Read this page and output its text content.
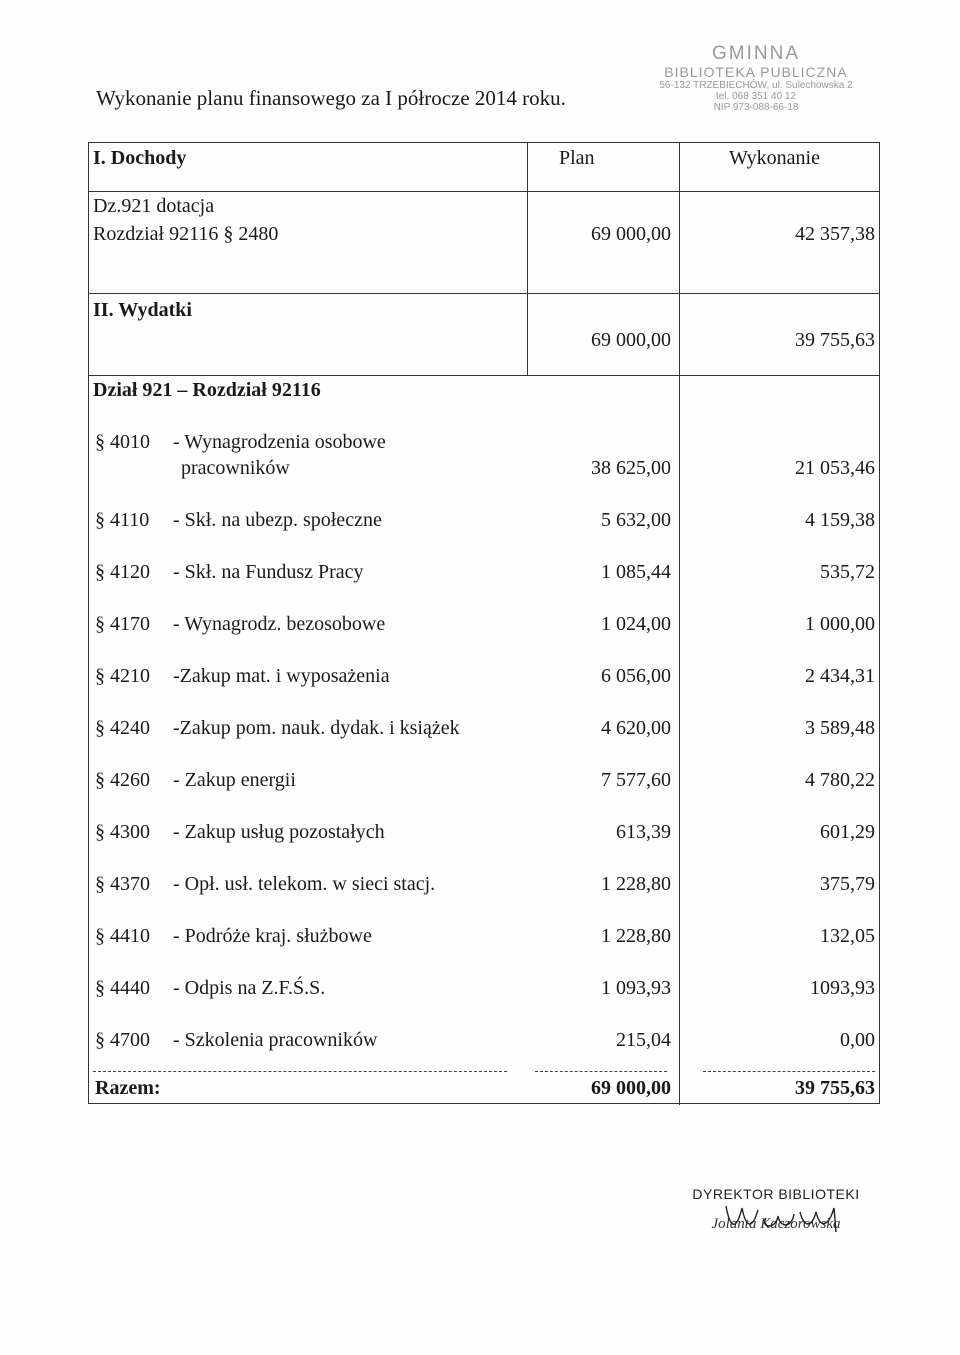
Wykonanie planu finansowego za I półrocze 2014 roku.
GMINNA
BIBLIOTEKA PUBLICZNA
56-132 TRZEBIECHÓW, ul. Sulechowska 2
tel. 068 351 40 12
NIP 973-088-66-18
I. Dochody	Plan	Wykonanie
Dz.921 dotacja
Rozdział 92116 § 2480	69 000,00	42 357,38
II. Wydatki
69 000,00	39 755,63
Dział 921 – Rozdział 92116
§ 4010 - Wynagrodzenia osobowe
pracowników	38 625,00	21 053,46
§ 4110 - Skł. na ubezp. społeczne	5 632,00	4 159,38
§ 4120 - Skł. na Fundusz Pracy	1 085,44	535,72
§ 4170 - Wynagrodz. bezosobowe	1 024,00	1 000,00
§ 4210 -Zakup mat. i wyposażenia	6 056,00	2 434,31
§ 4240 -Zakup pom. nauk. dydak. i książek	4 620,00	3 589,48
§ 4260 - Zakup energii	7 577,60	4 780,22
§ 4300 - Zakup usług pozostałych	613,39	601,29
§ 4370 - Opł. usł. telekom. w sieci stacj.	1 228,80	375,79
§ 4410 - Podróże kraj. służbowe	1 228,80	132,05
§ 4440 - Odpis na Z.F.Ś.S.	1 093,93	1093,93
§ 4700 - Szkolenia pracowników	215,04	0,00
Razem:	69 000,00	39 755,63
DYREKTOR BIBLIOTEKI
Jolanta Kaczorowska
